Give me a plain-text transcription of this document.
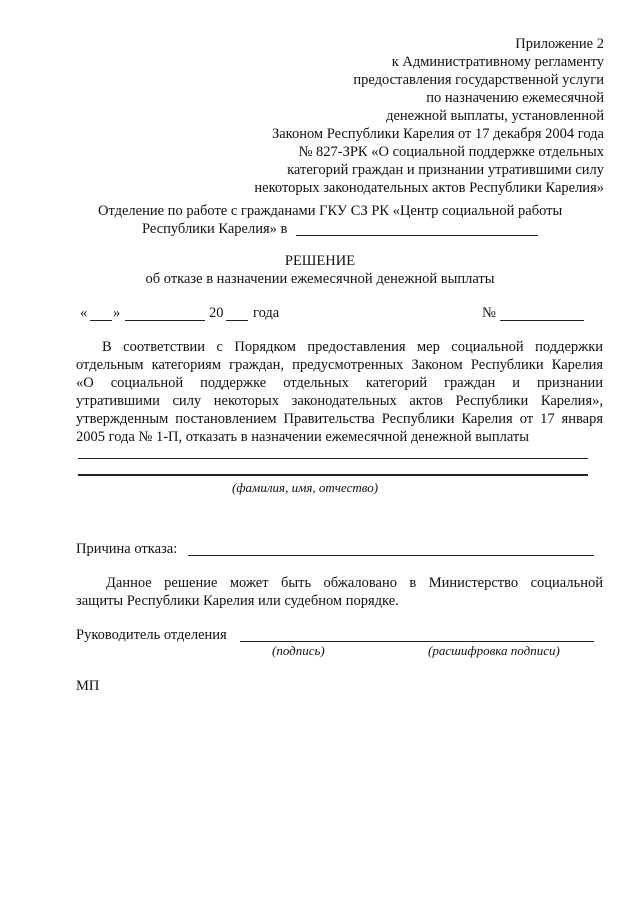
Приложение 2
к Административному регламенту
предоставления государственной услуги
по назначению ежемесячной
денежной выплаты, установленной
Законом Республики Карелия от 17 декабря 2004 года
№ 827-ЗРК «О социальной поддержке отдельных
категорий граждан и признании утратившими силу
некоторых законодательных актов Республики Карелия»
Отделение по работе с гражданами ГКУ СЗ РК «Центр социальной работы
Республики Карелия» в
РЕШЕНИЕ
об отказе в назначении ежемесячной денежной выплаты
« »	20 года	№
В соответствии с Порядком предоставления мер социальной поддержки
отдельным категориям граждан, предусмотренных Законом Республики Карелия
«О социальной поддержке отдельных категорий граждан и признании
утратившими силу некоторых законодательных актов Республики Карелия»,
утвержденным постановлением Правительства Республики Карелия от 17 января
2005 года № 1-П, отказать в назначении ежемесячной денежной выплаты
(фамилия, имя, отчество)
Причина отказа:
Данное решение может быть обжаловано в Министерство социальной
защиты Республики Карелия или судебном порядке.
Руководитель отделения
(подпись)	(расшифровка подписи)
МП
